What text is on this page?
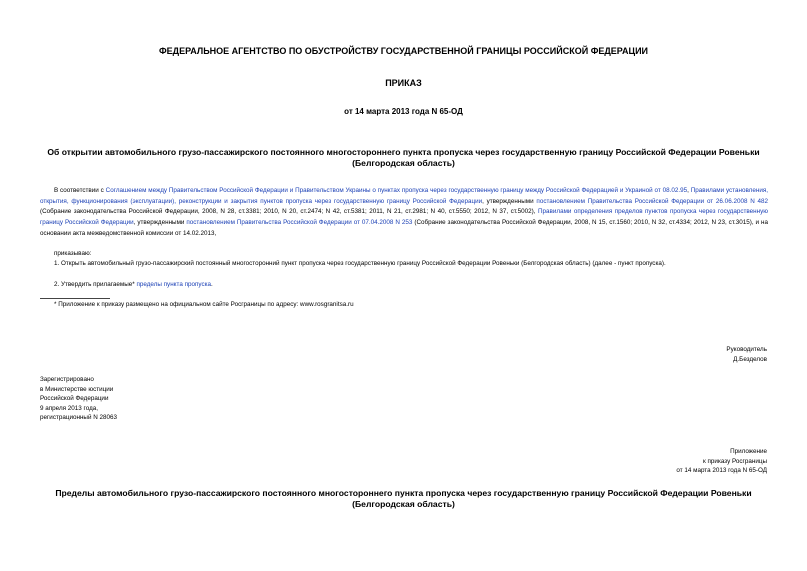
ФЕДЕРАЛЬНОЕ АГЕНТСТВО ПО ОБУСТРОЙСТВУ ГОСУДАРСТВЕННОЙ ГРАНИЦЫ РОССИЙСКОЙ ФЕДЕРАЦИИ
ПРИКАЗ
от 14 марта 2013 года N 65-ОД
Об открытии автомобильного грузо-пассажирского постоянного многостороннего пункта пропуска через государственную границу Российской Федерации Ровеньки (Белгородская область)
В соответствии с Соглашением между Правительством Российской Федерации и Правительством Украины о пунктах пропуска через государственную границу между Российской Федерацией и Украиной от 08.02.95, Правилами установления, открытия, функционирования (эксплуатации), реконструкции и закрытия пунктов пропуска через государственную границу Российской Федерации, утвержденными постановлением Правительства Российской Федерации от 26.06.2008 N 482 (Собрание законодательства Российской Федерации, 2008, N 28, ст.3381; 2010, N 20, ст.2474; N 42, ст.5381; 2011, N 21, ст.2981; N 40, ст.5550; 2012, N 37, ст.5002), Правилами определения пределов пунктов пропуска через государственную границу Российской Федерации, утвержденными постановлением Правительства Российской Федерации от 07.04.2008 N 253 (Собрание законодательства Российской Федерации, 2008, N 15, ст.1560; 2010, N 32, ст.4334; 2012, N 23, ст.3015), и на основании акта межведомственной комиссии от 14.02.2013,
приказываю:
1. Открыть автомобильный грузо-пассажирский постоянный многосторонний пункт пропуска через государственную границу Российской Федерации Ровеньки (Белгородская область) (далее - пункт пропуска).
2. Утвердить прилагаемые* пределы пункта пропуска.
* Приложение к приказу размещено на официальном сайте Росграницы по адресу: www.rosgranitsa.ru
Руководитель
Д.Безделов
Зарегистрировано
в Министерстве юстиции
Российской Федерации
9 апреля 2013 года,
регистрационный N 28063
Приложение
к приказу Росграницы
от 14 марта 2013 года N 65-ОД
Пределы автомобильного грузо-пассажирского постоянного многостороннего пункта пропуска через государственную границу Российской Федерации Ровеньки (Белгородская область)
